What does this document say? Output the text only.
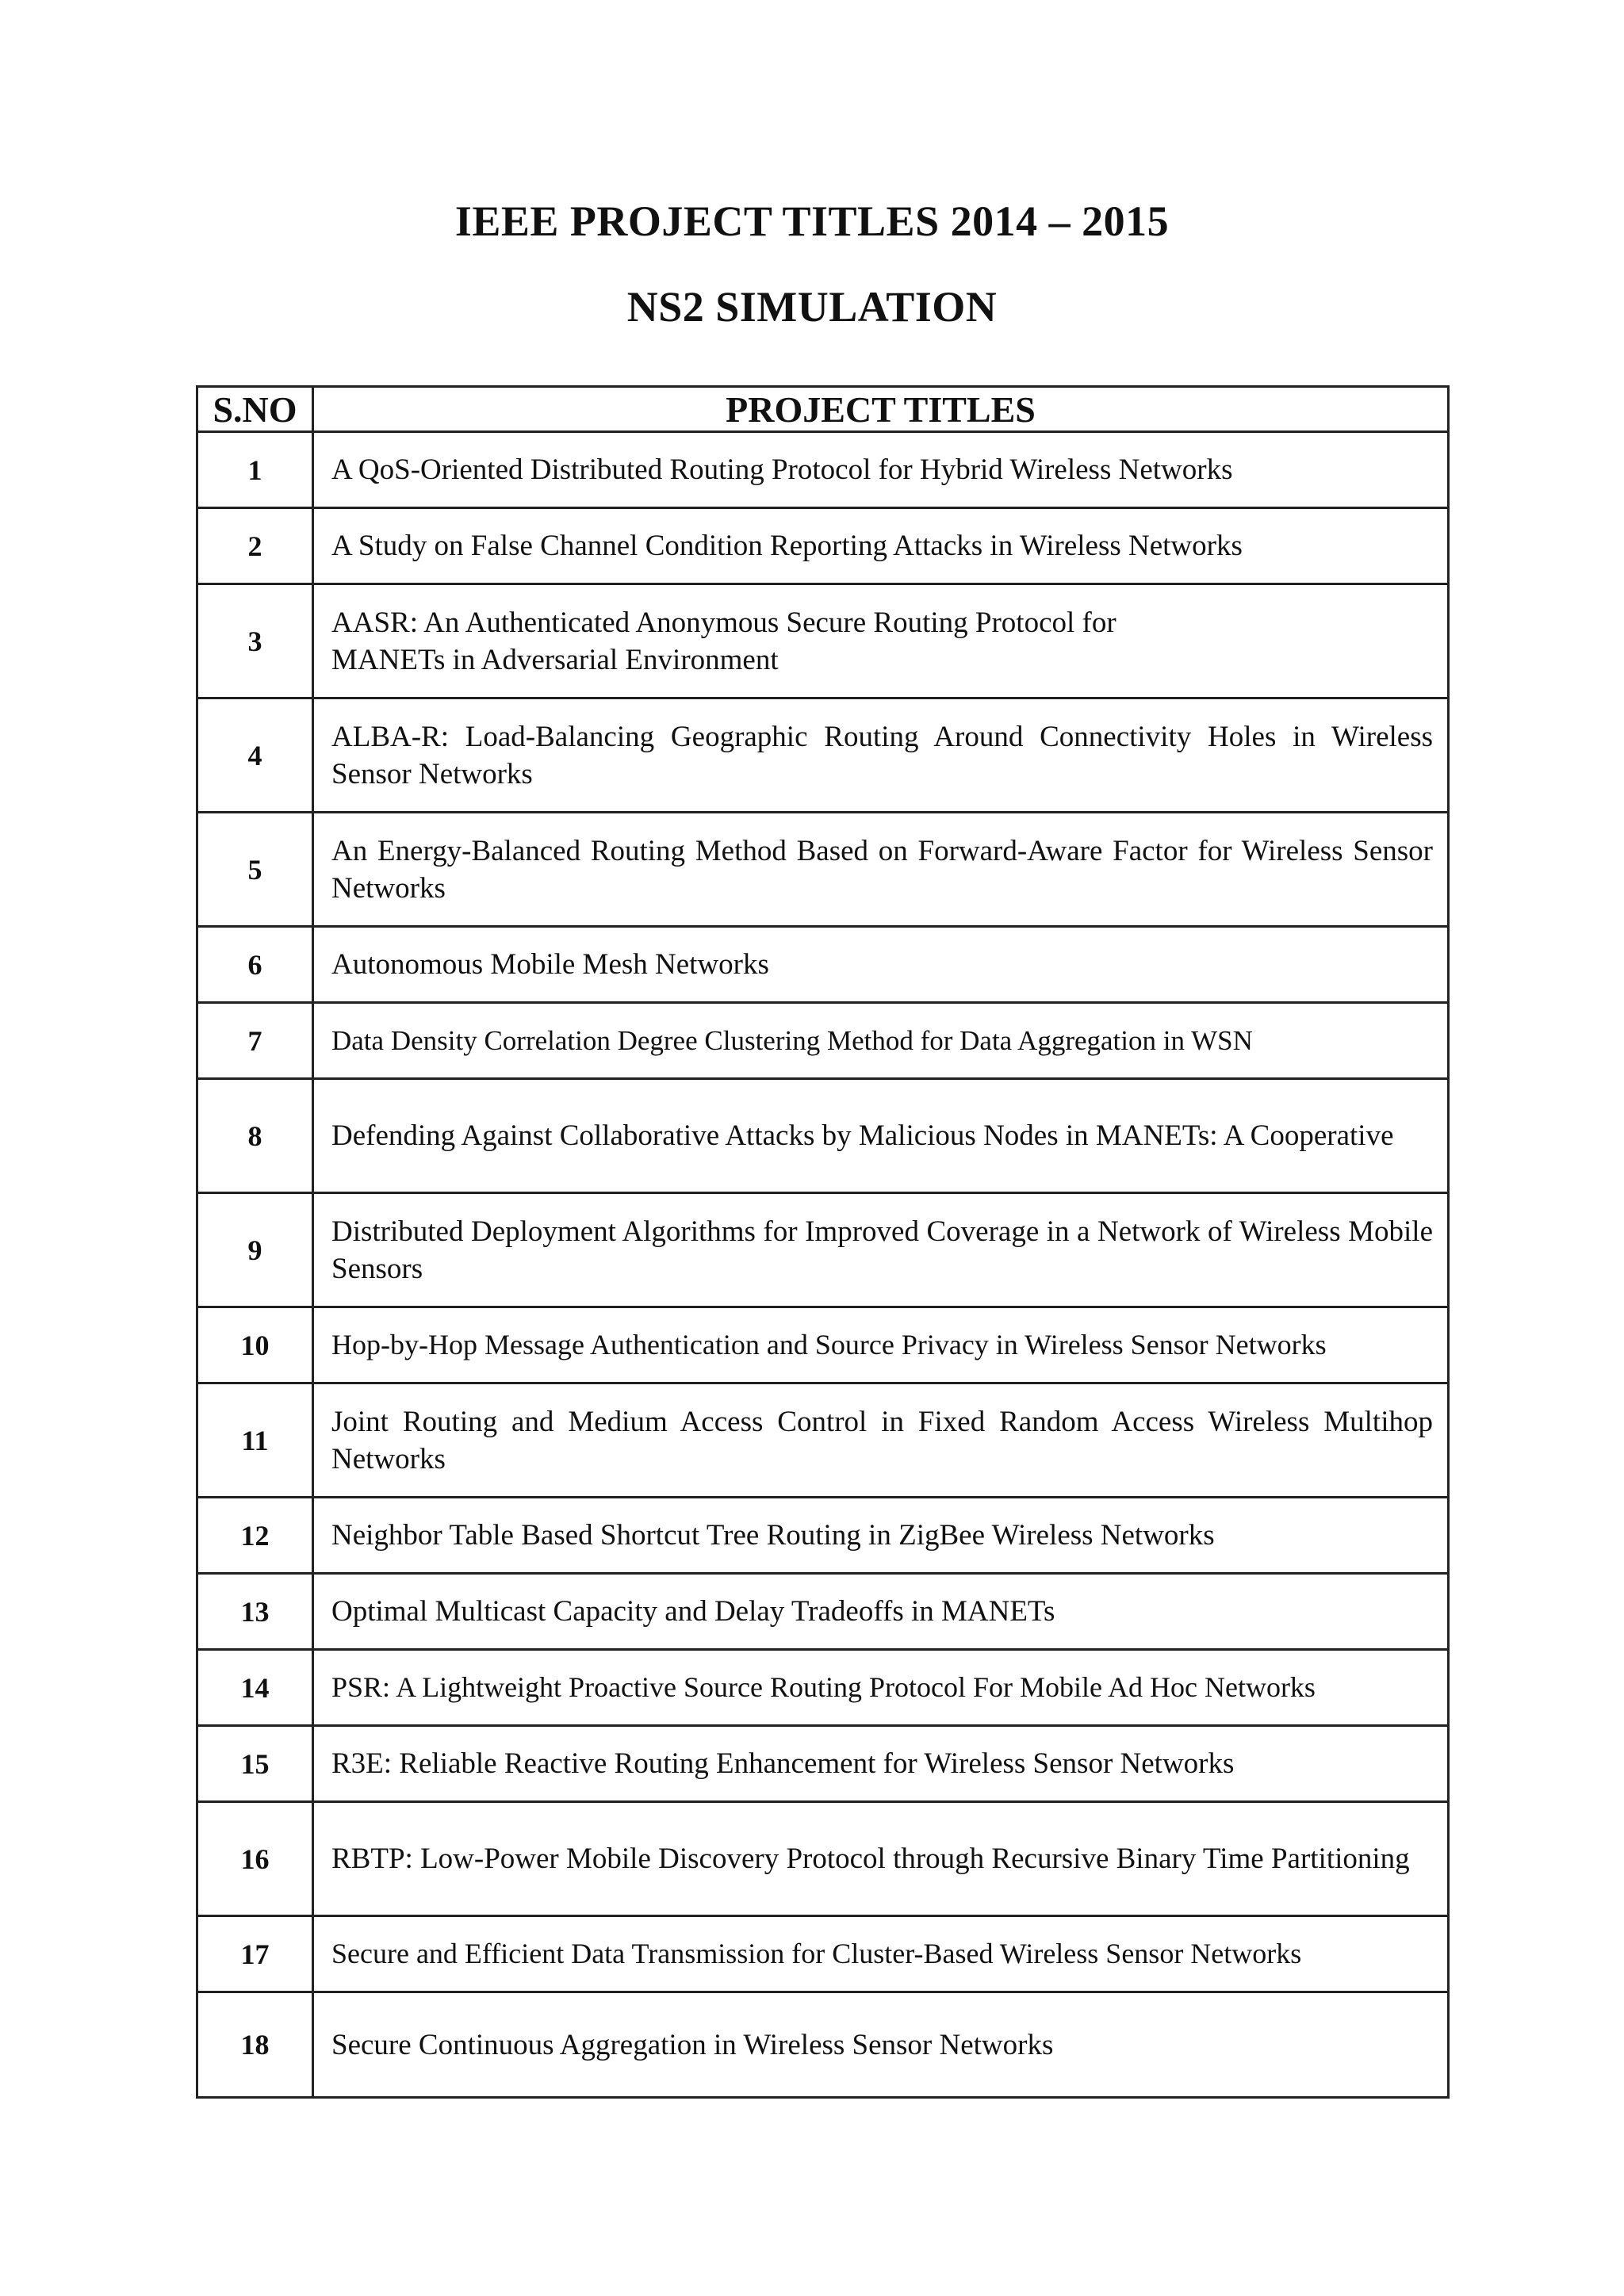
IEEE PROJECT TITLES 2014 – 2015
NS2 SIMULATION
S.NO	PROJECT TITLES
1	A QoS-Oriented Distributed Routing Protocol for Hybrid Wireless Networks
2	A Study on False Channel Condition Reporting Attacks in Wireless Networks
3	AASR: An Authenticated Anonymous Secure Routing Protocol for MANETs in Adversarial Environment
4	ALBA-R: Load-Balancing Geographic Routing Around Connectivity Holes in Wireless Sensor Networks
5	An Energy-Balanced Routing Method Based on Forward-Aware Factor for Wireless Sensor Networks
6	Autonomous Mobile Mesh Networks
7	Data Density Correlation Degree Clustering Method for Data Aggregation in WSN
8	Defending Against Collaborative Attacks by Malicious Nodes in MANETs: A Cooperative
9	Distributed Deployment Algorithms for Improved Coverage in a Network of Wireless Mobile Sensors
10	Hop-by-Hop Message Authentication and Source Privacy in Wireless Sensor Networks
11	Joint Routing and Medium Access Control in Fixed Random Access Wireless Multihop Networks
12	Neighbor Table Based Shortcut Tree Routing in ZigBee Wireless Networks
13	Optimal Multicast Capacity and Delay Tradeoffs in MANETs
14	PSR: A Lightweight Proactive Source Routing Protocol For Mobile Ad Hoc Networks
15	R3E: Reliable Reactive Routing Enhancement for Wireless Sensor Networks
16	RBTP: Low-Power Mobile Discovery Protocol through Recursive Binary Time Partitioning
17	Secure and Efficient Data Transmission for Cluster-Based Wireless Sensor Networks
18	Secure Continuous Aggregation in Wireless Sensor Networks
